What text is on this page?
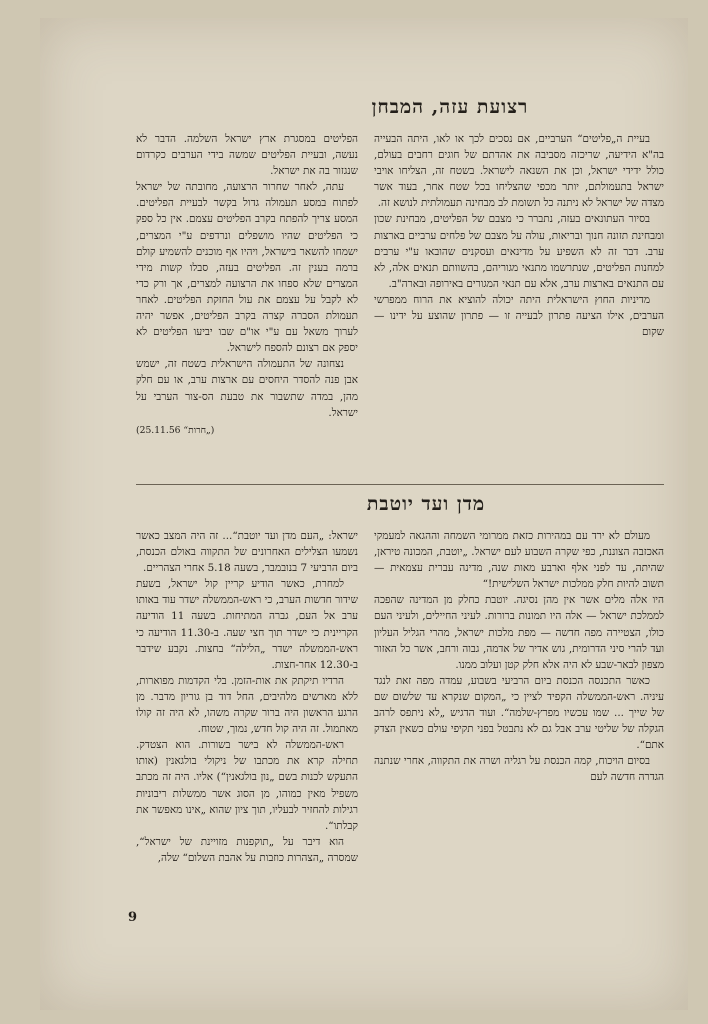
רצועת עזה, המבחן

בעיית ה„פליטים“ הערביים, אם נסכים לכך או לאו, היתה הבעייה בה"א הידיעה, שריכזה מסביבה את אהדתם של חוגים רחבים בעולם, כולל ידידי ישראל, וכן את השנאה לישראל. בשטח זה, הצליחו אויבי ישראל בתעמולתם, יותר מכפי שהצליחו בכל שטח אחר, בעוד אשר מצדה של ישראל לא ניתנה כל תשומת לב מבחינה תעמולתית לנושא זה.

בסיור העתונאים בעזה, נתברר כי מצבם של הפליטים, מבחינת שכון ומבחינת תזונה חנוך ובריאות, עולה על מצבם של פלחים ערביים בארצות ערב. דבר זה לא השפיע על מדינאים ועסקנים שהובאו ע"י ערבים למחנות הפליטים, שנתרשמו מתנאי מגוריהם, בהשוותם תנאים אלה, לא עם התנאים בארצות ערב, אלא עם תנאי המגורים באירופה ובארה"ב.

מדיניות החוץ הישראלית היתה יכולה להוציא את הרוח ממפרשי הערבים, אילו הציעה פתרון לבעייה זו — פתרון שהוצע על ידינו — שקום

הפליטים במסגרת ארץ ישראל השלמה. הדבר לא נעשה, ובעיית הפליטים שמשה בידי הערבים כקרדום שנגזור בה את ישראל.

עתה, לאחר שחרור הרצועה, מחובתה של ישראל לפתוח במסע תעמולה גדול בקשר לבעיית הפליטים. המסע צריך להפתח בקרב הפליטים עצמם. אין כל ספק כי הפליטים שהיו מושפלים ונרדפים ע"י המצרים, ישמחו להשאר בישראל, ויהיו אף מוכנים להשמיע קולם ברמה בענין זה. הפליטים בעזה, סבלו קשות מידי המצרים שלא ספחו את הרצועה למצרים, אך ורק כדי לא לקבל על עצמם את עול החזקת הפליטים. לאחר תעמולת הסברה קצרה בקרב הפליטים, אפשר יהיה לערוך משאל עם ע"י או"ם שבו יביעו הפליטים לא יספק אם רצונם להספח לישראל.

נצחונה של התעמולה הישראלית בשטח זה, ישמש אבן פנה להסדר היחסים עם ארצות ערב, או עם חלק מהן, במדה שתשבור את טבעת הס-צור הערבי על ישראל.

(„חרות“ 25.11.56)
מדן ועד יוטבת

מעולם לא ירד עם במהירות כזאת ממרומי השמחה וההגאה למעמקי האכזבה הצוננת, כפי שקרה השבוע לעם ישראל. „יוטבת, המכונה טיראן, שהיתה, עד לפני אלף וארבע מאות שנה, מדינה עברית עצמאית — תשוב להיות חלק ממלכות ישראל השלישית!“

היו אלה מלים אשר אין מהן נסיגה. יוטבת כחלק מן המדינה שהפכה לממלכת ישראל — אלה היו תמונות ברורות. לעיני החיילים, ולעיני העם כולו, הצטיירה מפה חדשה — מפת מלכות ישראל, מהרי הגליל העליון ועד להרי סיני הדרומית, גוש אדיר של אדמה, גבוה ורחב, אשר כל האזור מצפון לבאר-שבע לא היה אלא חלק קטן ועלוב ממנו.

כאשר התכנסה הכנסת ביום הרביעי בשבוע, עמדה מפה זאת לנגד עיניה. ראש-הממשלה הקפיד לציין כי „המקום שנקרא עד שלשום שם של שייך ... שמו עכשיו מפרץ-שלמה“. ועוד הדגיש „לא ניתפס לרהב הגקלה של שליטי ערב אבל גם לא נתבטל בפני תקיפי עולם כשאין הצדק אתם“.

בסיום הויכוח, קמה הכנסת על רגליה ושרה את התקווה, אחרי שנתנה הגדרה חדשה לעם

ישראל: „העם מדן ועד יוטבת“... זה היה המצב כאשר נשמעו הצלילים האחרונים של התקווה באולם הכנסת, ביום הרביעי 7 בנובמבר, בשעה 5.18 אחרי הצהריים.

למחרת, כאשר הודיע קריין קול ישראל, בשעת שידור חדשות הערב, כי ראש-הממשלה ישדר עוד באותו ערב אל העם, גברה המתיחות. בשעה 11 הודיעה הקריינית כי ישדר תוך חצי שעה. ב-11.30 הודיעה כי ראש-הממשלה ישדר „הלילה“ בחצות. נקבע שידבר ב-12.30 אחר-חצות.

הרדיו תיקתק את אות-הזמן. בלי הקדמות מפוארות, ללא מארשים מלהיבים, החל דוד בן גוריון מדבר. מן הרגע הראשון היה ברור שקרה משהו, לא היה זה קולו מאתמול. זה היה קול חדש, נמוך, שטוח.

ראש-הממשלה לא בישר בשורות. הוא הצטדק. תחילה קרא את מכתבו של ניקולי בולגאנין (אותו התעקש לכנות בשם „נון בולגאנין“) אליו. היה זה מכתב משפיל מאין כמוהו, מן הסוג אשר ממשלות ריבוניות רגילות להחזיר לבעליו, תוך ציון שהוא „אינו מאפשר את קבלתו“.

הוא דיבר על „תוקפנות מזויינת של ישראל“, שמסרה „הצהרות כוזבות על אהבת השלום“ שלה,

9
